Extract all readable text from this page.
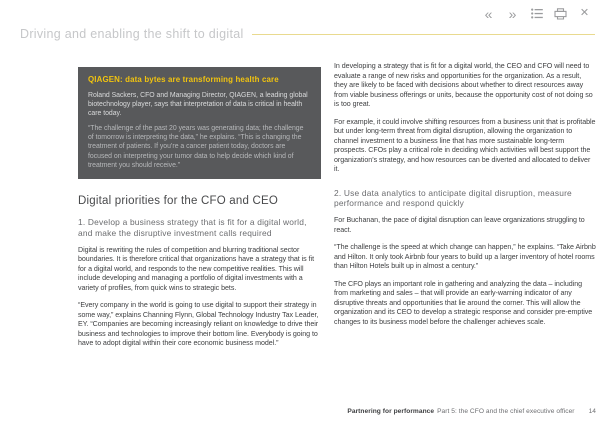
« »	✕
Driving and enabling the shift to digital
QIAGEN: data bytes are transforming health care

Roland Sackers, CFO and Managing Director, QIAGEN, a leading global biotechnology player, says that interpretation of data is critical in health care today.

“The challenge of the past 20 years was generating data; the challenge of tomorrow is interpreting the data,” he explains. “This is changing the treatment of patients. If you’re a cancer patient today, doctors are focused on interpreting your tumor data to help decide which kind of treatment you should receive.”

Digital priorities for the CFO and CEO
1. Develop a business strategy that is fit for a digital world, and make the disruptive investment calls required

Digital is rewriting the rules of competition and blurring traditional sector boundaries. It is therefore critical that organizations have a strategy that is fit for a digital world, and responds to the new competitive realities. This will include developing and managing a portfolio of digital investments with a variety of profiles, from quick wins to strategic bets.

“Every company in the world is going to use digital to support their strategy in some way,” explains Channing Flynn, Global Technology Industry Tax Leader, EY. “Companies are becoming increasingly reliant on knowledge to drive their business and technologies to improve their bottom line. Everybody is going to have to adopt digital within their core economic business model.”

In developing a strategy that is fit for a digital world, the CEO and CFO will need to evaluate a range of new risks and opportunities for the organization. As a result, they are likely to be faced with decisions about whether to direct resources away from viable business offerings or units, because the opportunity cost of not doing so is too great.

For example, it could involve shifting resources from a business unit that is profitable but under long-term threat from digital disruption, allowing the organization to channel investment to a business line that has more sustainable long-term prospects. CFOs play a critical role in deciding which activities will best support the organization’s strategy, and how resources can be diverted and allocated to deliver it.

2. Use data analytics to anticipate digital disruption, measure performance and respond quickly

For Buchanan, the pace of digital disruption can leave organizations struggling to react.

“The challenge is the speed at which change can happen,” he explains. “Take Airbnb and Hilton. It only took Airbnb four years to build up a larger inventory of hotel rooms than Hilton Hotels built up in almost a century.”

The CFO plays an important role in gathering and analyzing the data – including from marketing and sales – that will provide an early-warning indicator of any disruptive threats and opportunities that lie around the corner. This will allow the organization and its CEO to develop a strategic response and consider pre-emptive changes to its business model before the challenger achieves scale.

Partnering for performance Part 5: the CFO and the chief executive officer 14
